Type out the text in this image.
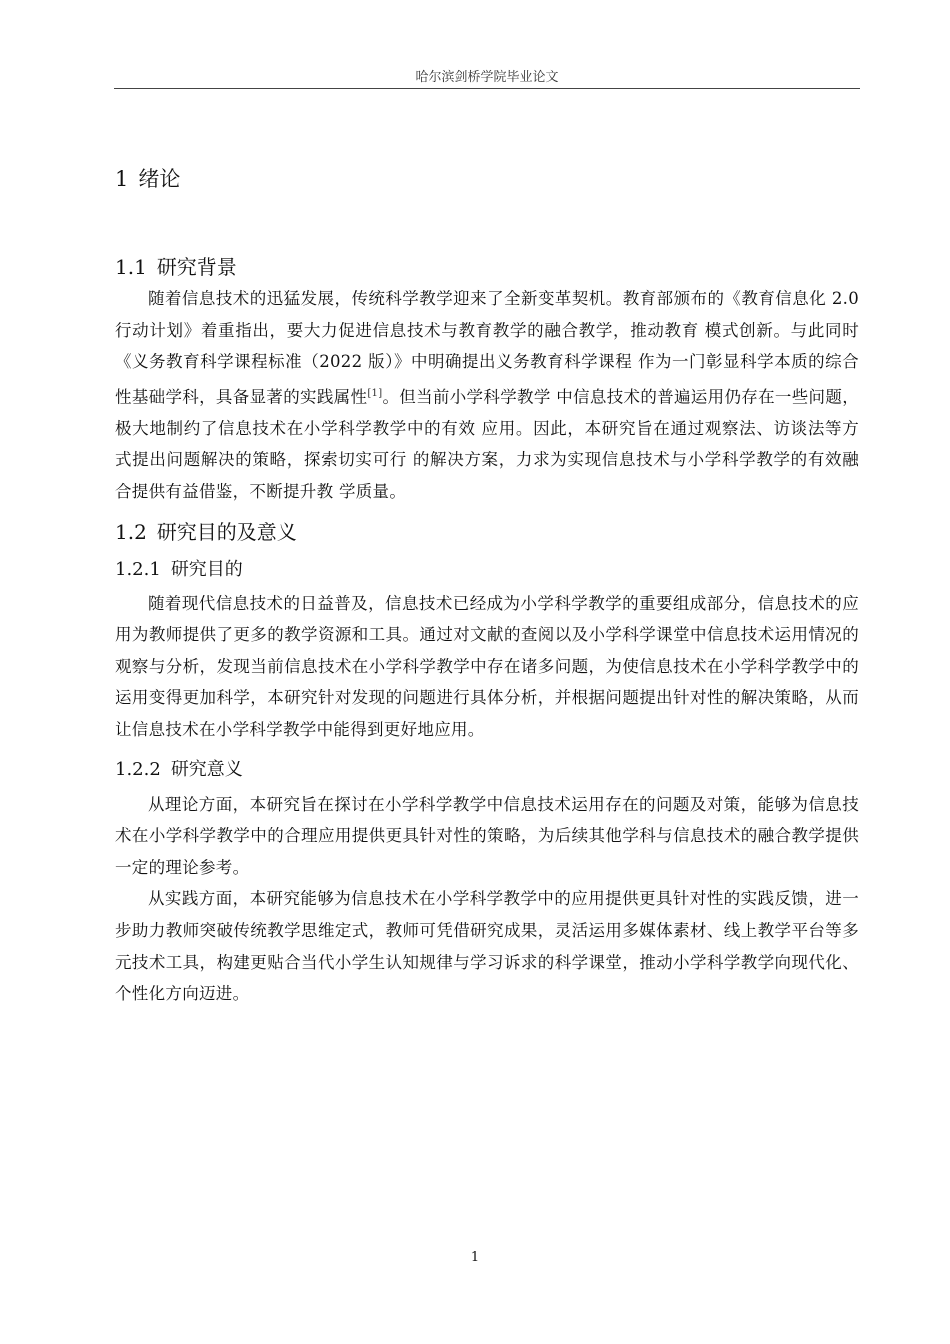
哈尔滨剑桥学院毕业论文
1 绪论
1.1 研究背景

随着信息技术的迅猛发展，传统科学教学迎来了全新变革契机。教育部颁布的《教育信息化 2.0 行动计划》着重指出，要大力促进信息技术与教育教学的融合教学，推动教育 模式创新。与此同时《义务教育科学课程标准（2022 版）》中明确提出义务教育科学课程 作为一门彰显科学本质的综合性基础学科，具备显著的实践属性[1]。但当前小学科学教学 中信息技术的普遍运用仍存在一些问题，极大地制约了信息技术在小学科学教学中的有效 应用。因此，本研究旨在通过观察法、访谈法等方式提出问题解决的策略，探索切实可行 的解决方案，力求为实现信息技术与小学科学教学的有效融合提供有益借鉴，不断提升教 学质量。

1.2 研究目的及意义
1.2.1 研究目的

随着现代信息技术的日益普及，信息技术已经成为小学科学教学的重要组成部分，信息技术的应用为教师提供了更多的教学资源和工具。通过对文献的查阅以及小学科学课堂中信息技术运用情况的观察与分析，发现当前信息技术在小学科学教学中存在诸多问题，为使信息技术在小学科学教学中的运用变得更加科学，本研究针对发现的问题进行具体分析，并根据问题提出针对性的解决策略，从而让信息技术在小学科学教学中能得到更好地应用。

1.2.2 研究意义

从理论方面，本研究旨在探讨在小学科学教学中信息技术运用存在的问题及对策，能够为信息技术在小学科学教学中的合理应用提供更具针对性的策略，为后续其他学科与信息技术的融合教学提供一定的理论参考。

从实践方面，本研究能够为信息技术在小学科学教学中的应用提供更具针对性的实践反馈，进一步助力教师突破传统教学思维定式，教师可凭借研究成果，灵活运用多媒体素材、线上教学平台等多元技术工具，构建更贴合当代小学生认知规律与学习诉求的科学课堂，推动小学科学教学向现代化、个性化方向迈进。

1
